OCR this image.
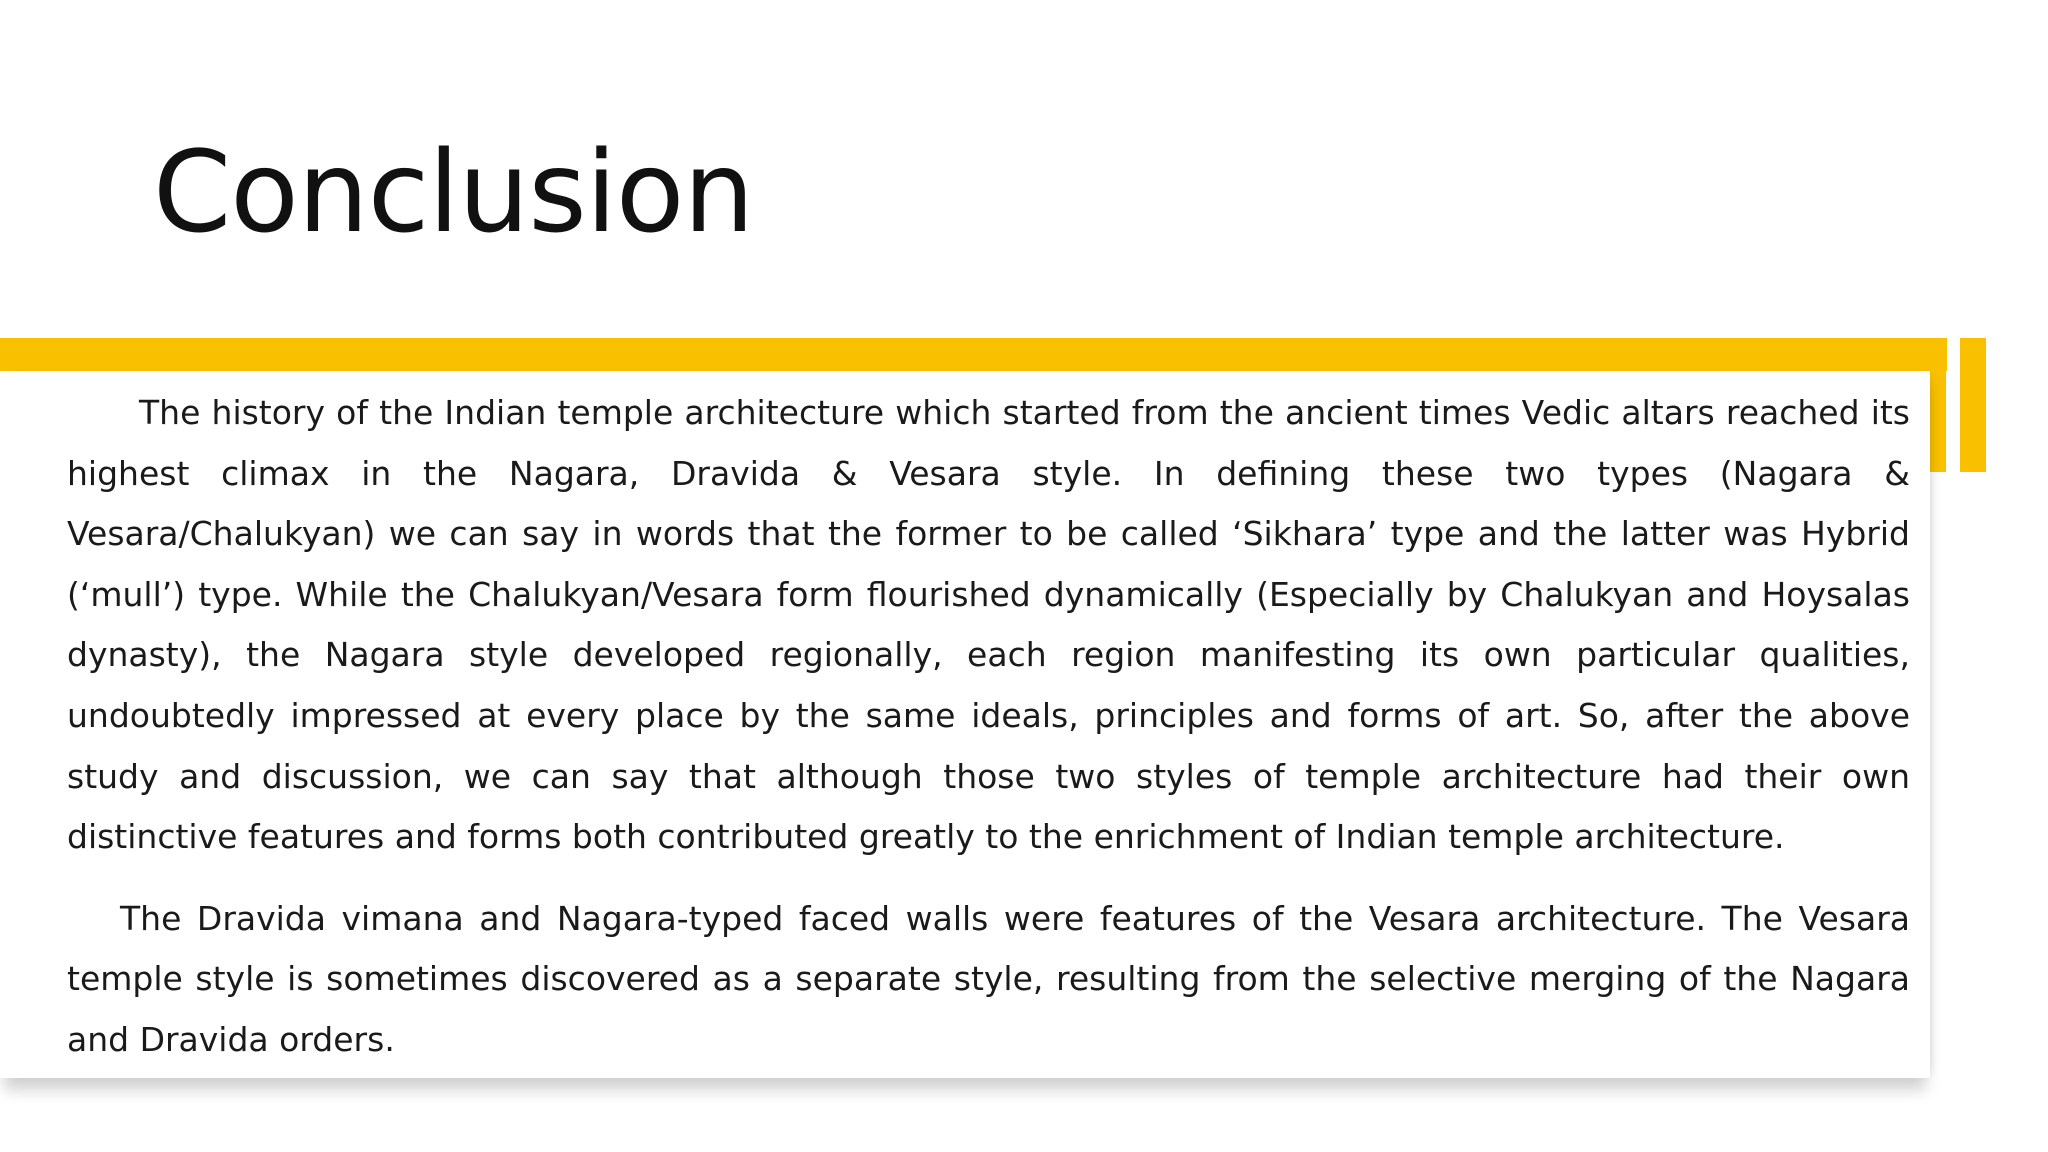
Conclusion

The history of the Indian temple architecture which started from the ancient times Vedic altars reached its highest climax in the Nagara, Dravida & Vesara style. In defining these two types (Nagara & Vesara/Chalukyan) we can say in words that the former to be called ‘Sikhara’ type and the latter was Hybrid (‘mull’) type. While the Chalukyan/Vesara form flourished dynamically (Especially by Chalukyan and Hoysalas dynasty), the Nagara style developed regionally, each region manifesting its own particular qualities, undoubtedly impressed at every place by the same ideals, principles and forms of art. So, after the above study and discussion, we can say that although those two styles of temple architecture had their own distinctive features and forms both contributed greatly to the enrichment of Indian temple architecture.

The Dravida vimana and Nagara-typed faced walls were features of the Vesara architecture. The Vesara temple style is sometimes discovered as a separate style, resulting from the selective merging of the Nagara and Dravida orders.
